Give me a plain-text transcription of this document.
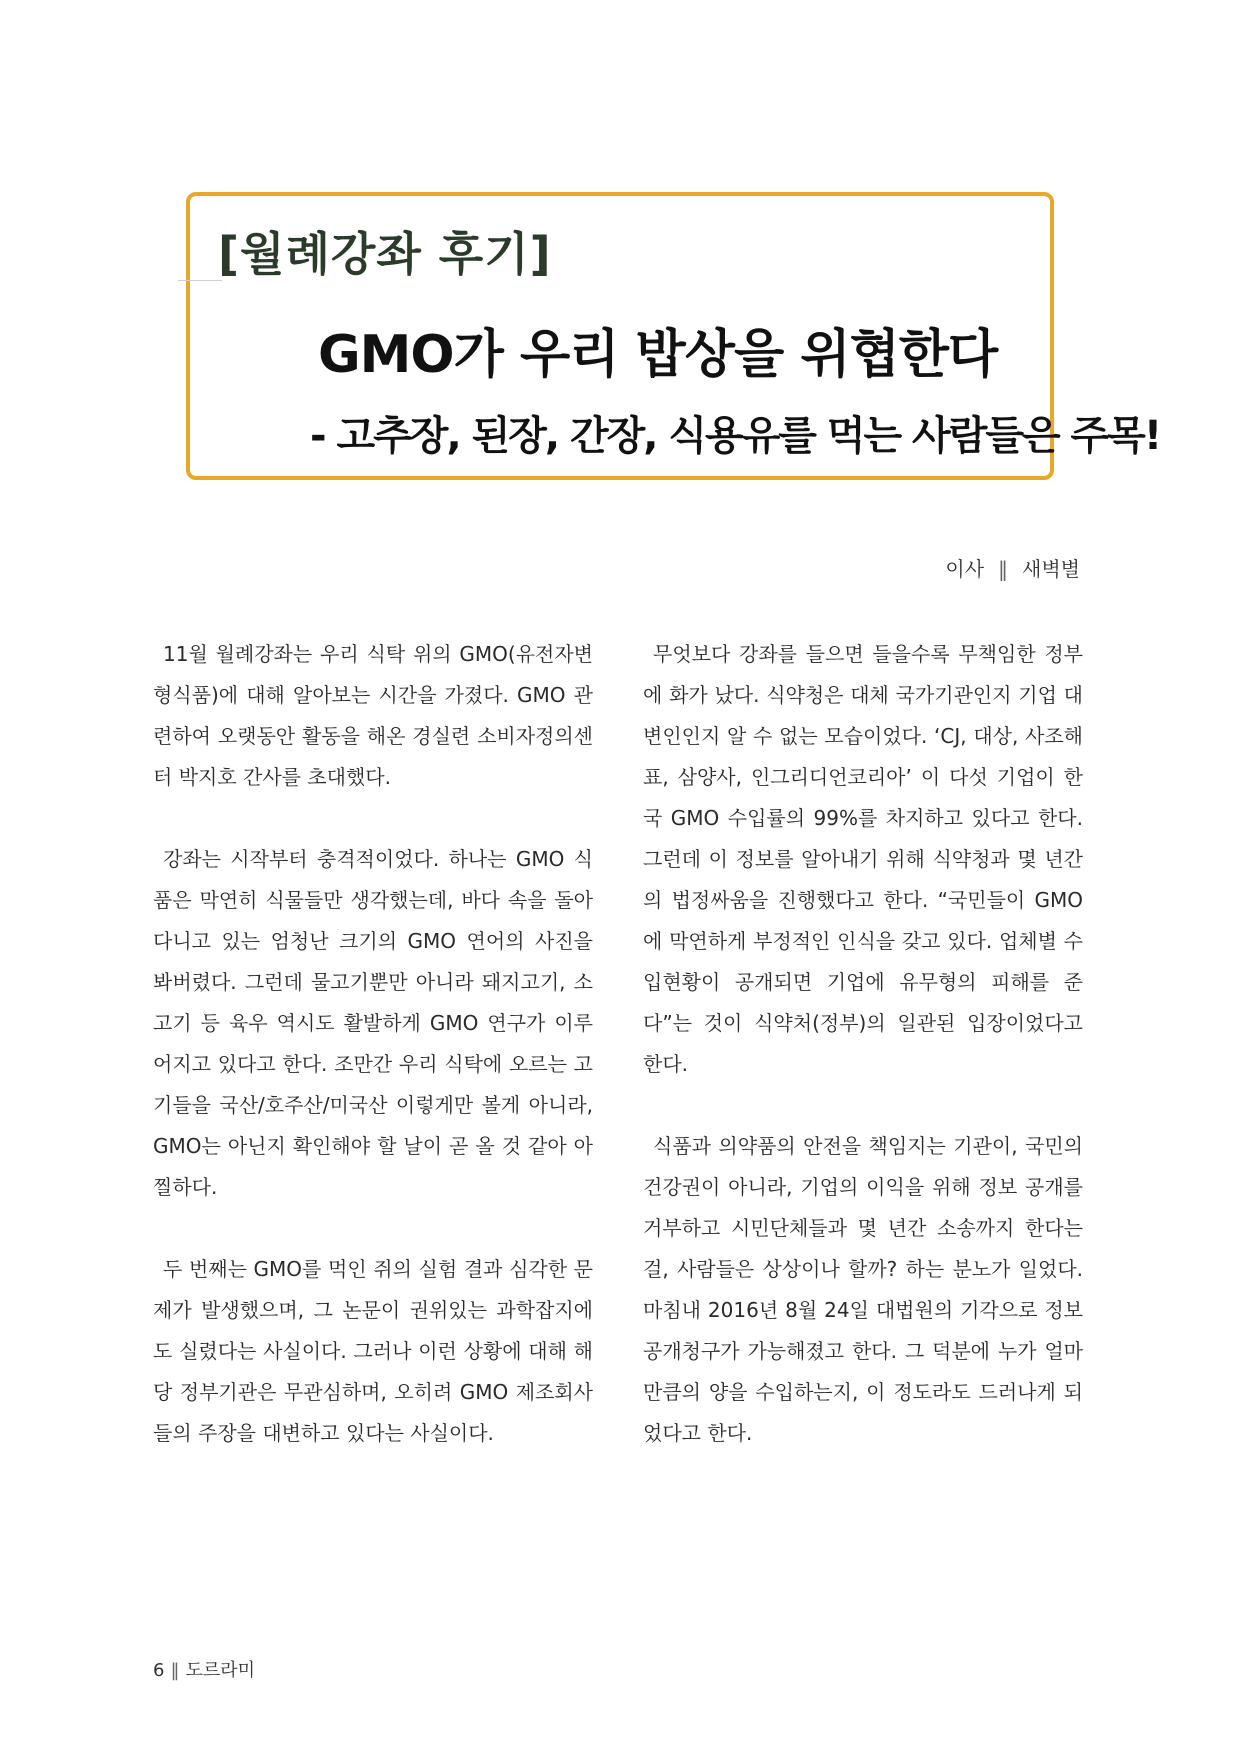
[월례강좌 후기]
GMO가 우리 밥상을 위협한다
- 고추장, 된장, 간장, 식용유를 먹는 사람들은 주목!
이사 ‖ 새벽별

11월 월례강좌는 우리 식탁 위의 GMO(유전자변형식품)에 대해 알아보는 시간을 가졌다. GMO 관련하여 오랫동안 활동을 해온 경실련 소비자정의센터 박지호 간사를 초대했다.

강좌는 시작부터 충격적이었다. 하나는 GMO 식품은 막연히 식물들만 생각했는데, 바다 속을 돌아다니고 있는 엄청난 크기의 GMO 연어의 사진을 봐버렸다. 그런데 물고기뿐만 아니라 돼지고기, 소고기 등 육우 역시도 활발하게 GMO 연구가 이루어지고 있다고 한다. 조만간 우리 식탁에 오르는 고기들을 국산/호주산/미국산 이렇게만 볼게 아니라, GMO는 아닌지 확인해야 할 날이 곧 올 것 같아 아찔하다.

두 번째는 GMO를 먹인 쥐의 실험 결과 심각한 문제가 발생했으며, 그 논문이 권위있는 과학잡지에도 실렸다는 사실이다. 그러나 이런 상황에 대해 해당 정부기관은 무관심하며, 오히려 GMO 제조회사들의 주장을 대변하고 있다는 사실이다.

무엇보다 강좌를 들으면 들을수록 무책임한 정부에 화가 났다. 식약청은 대체 국가기관인지 기업 대변인인지 알 수 없는 모습이었다. ‘CJ, 대상, 사조해표, 삼양사, 인그리디언코리아’ 이 다섯 기업이 한국 GMO 수입률의 99%를 차지하고 있다고 한다. 그런데 이 정보를 알아내기 위해 식약청과 몇 년간의 법정싸움을 진행했다고 한다. “국민들이 GMO에 막연하게 부정적인 인식을 갖고 있다. 업체별 수입현황이 공개되면 기업에 유무형의 피해를 준다”는 것이 식약처(정부)의 일관된 입장이었다고 한다.

식품과 의약품의 안전을 책임지는 기관이, 국민의 건강권이 아니라, 기업의 이익을 위해 정보 공개를 거부하고 시민단체들과 몇 년간 소송까지 한다는 걸, 사람들은 상상이나 할까? 하는 분노가 일었다. 마침내 2016년 8월 24일 대법원의 기각으로 정보공개청구가 가능해졌고 한다. 그 덕분에 누가 얼마만큼의 양을 수입하는지, 이 정도라도 드러나게 되었다고 한다.

6 ‖ 도르라미
